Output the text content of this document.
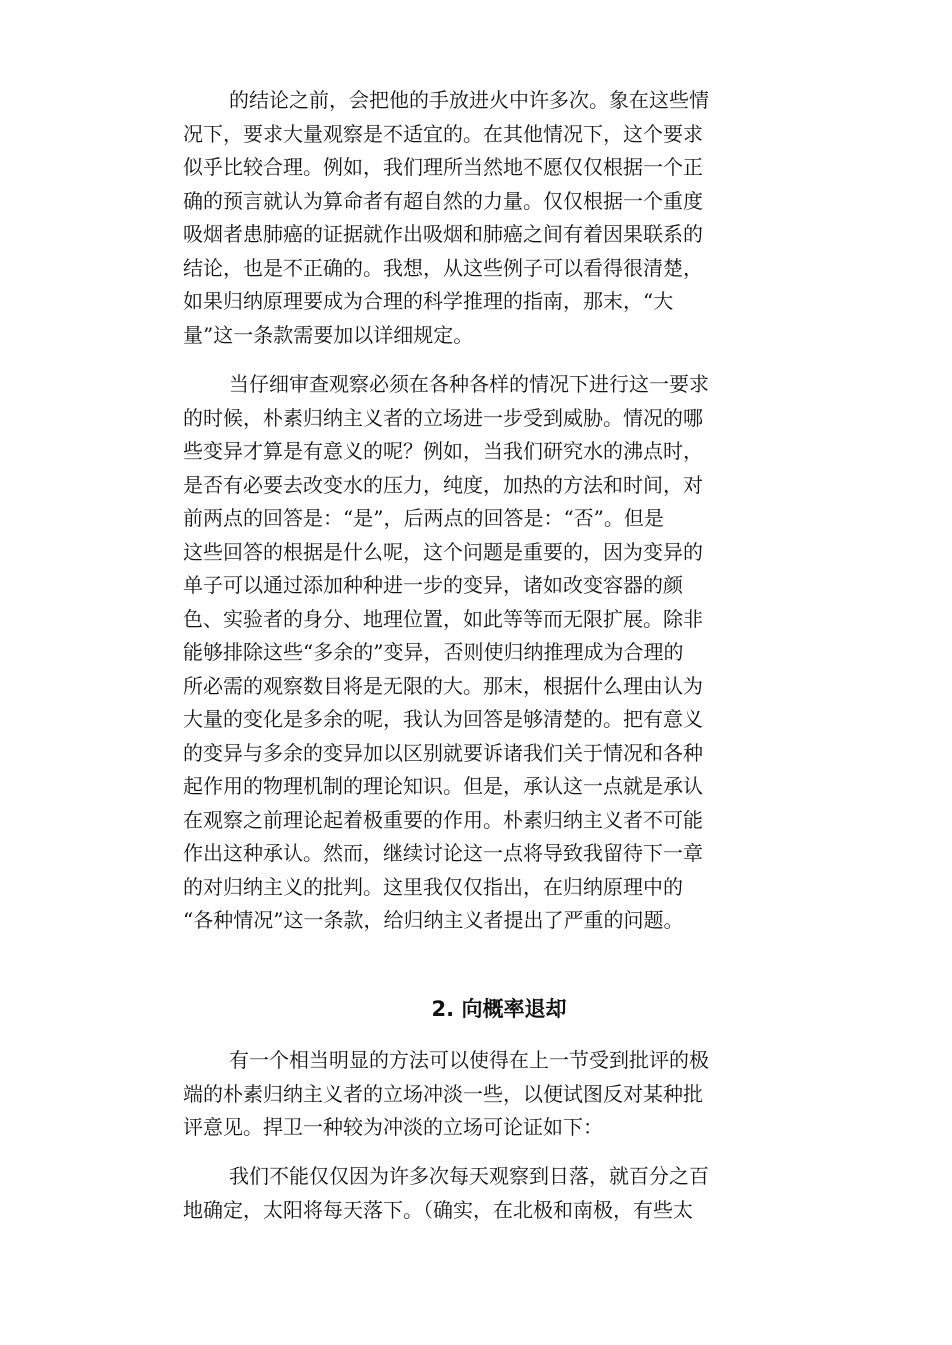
的结论之前，会把他的手放进火中许多次。象在这些情
况下，要求大量观察是不适宜的。在其他情况下，这个要求
似乎比较合理。例如，我们理所当然地不愿仅仅根据一个正
确的预言就认为算命者有超自然的力量。仅仅根据一个重度
吸烟者患肺癌的证据就作出吸烟和肺癌之间有着因果联系的
结论，也是不正确的。我想，从这些例子可以看得很清楚，
如果归纳原理要成为合理的科学推理的指南，那末，“大
量”这一条款需要加以详细规定。
当仔细审查观察必须在各种各样的情况下进行这一要求
的时候，朴素归纳主义者的立场进一步受到威胁。情况的哪
些变异才算是有意义的呢？例如，当我们研究水的沸点时，
是否有必要去改变水的压力，纯度，加热的方法和时间，对
前两点的回答是：“是”，后两点的回答是：“否”。但是
这些回答的根据是什么呢，这个问题是重要的，因为变异的
单子可以通过添加种种进一步的变异，诸如改变容器的颜
色、实验者的身分、地理位置，如此等等而无限扩展。除非
能够排除这些“多余的”变异，否则使归纳推理成为合理的
所必需的观察数目将是无限的大。那末，根据什么理由认为
大量的变化是多余的呢，我认为回答是够清楚的。把有意义
的变异与多余的变异加以区别就要诉诸我们关于情况和各种
起作用的物理机制的理论知识。但是，承认这一点就是承认
在观察之前理论起着极重要的作用。朴素归纳主义者不可能
作出这种承认。然而，继续讨论这一点将导致我留待下一章
的对归纳主义的批判。这里我仅仅指出，在归纳原理中的
“各种情况”这一条款，给归纳主义者提出了严重的问题。
2. 向概率退却
有一个相当明显的方法可以使得在上一节受到批评的极
端的朴素归纳主义者的立场冲淡一些，以便试图反对某种批
评意见。捍卫一种较为冲淡的立场可论证如下：
我们不能仅仅因为许多次每天观察到日落，就百分之百
地确定，太阳将每天落下。（确实，在北极和南极，有些太
